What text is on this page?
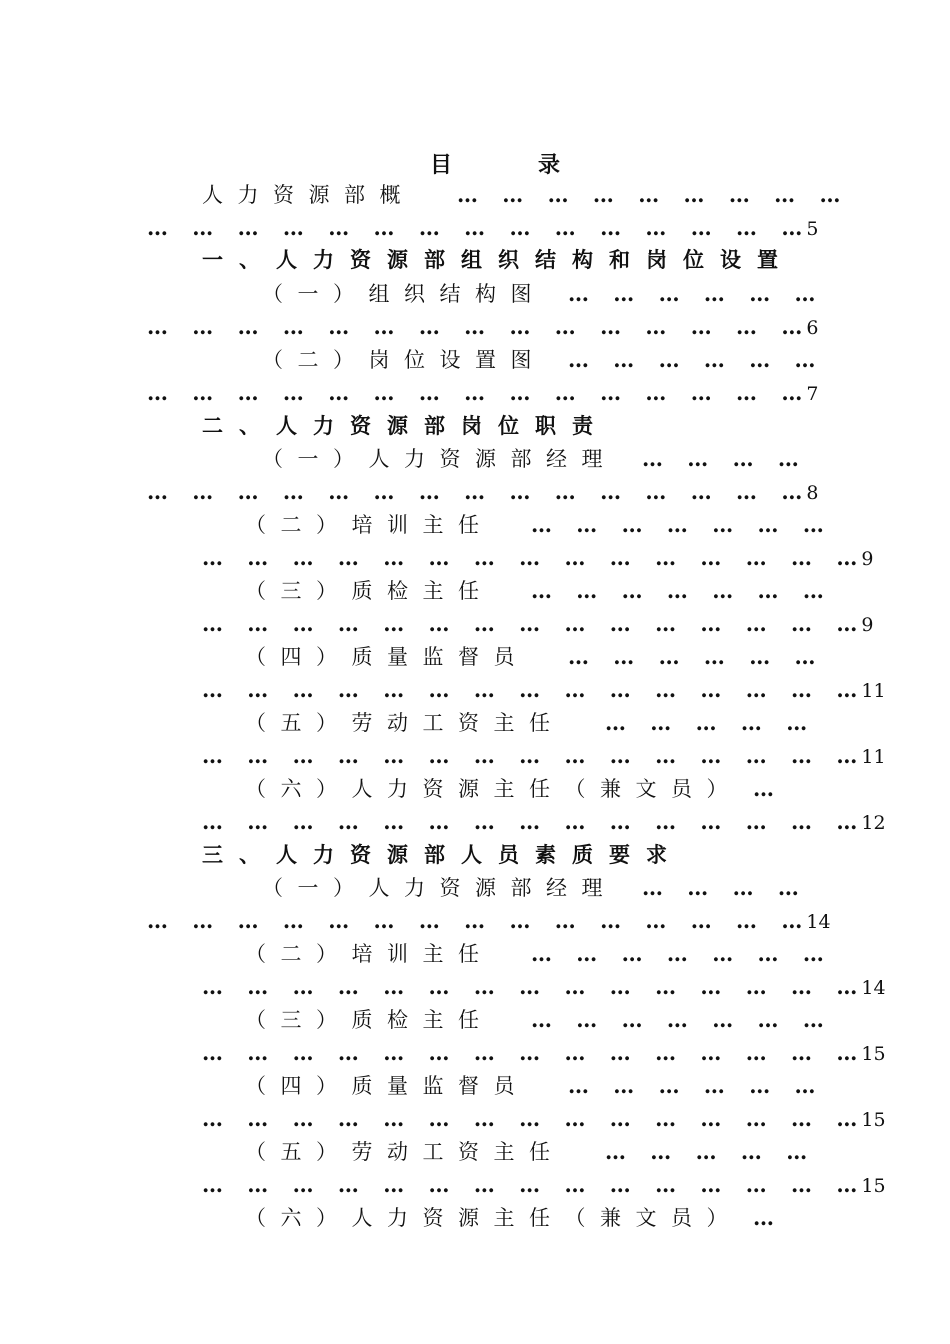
目	录
人力资源部概 … … … … … … … … …
… … … … … … … … … … … … … … … 5
一、人力资源部组织结构和岗位设置
（一）组织结构图 … … … … … …
… … … … … … … … … … … … … … … 6
（二）岗位设置图 … … … … … …
… … … … … … … … … … … … … … … 7
二、人力资源部岗位职责
（一）人力资源部经理 … … … …
… … … … … … … … … … … … … … … 8
（二）培训主任 … … … … … … …
… … … … … … … … … … … … … … … 9
（三）质检主任 … … … … … … …
… … … … … … … … … … … … … … … 9
（四）质量监督员 … … … … … …
… … … … … … … … … … … … … … … 11
（五）劳动工资主任 … … … … …
… … … … … … … … … … … … … … … 11
（六）人力资源主任（兼文员） …
… … … … … … … … … … … … … … … 12
三、人力资源部人员素质要求
（一）人力资源部经理 … … … …
… … … … … … … … … … … … … … … 14
（二）培训主任 … … … … … … …
… … … … … … … … … … … … … … … 14
（三）质检主任 … … … … … … …
… … … … … … … … … … … … … … … 15
（四）质量监督员 … … … … … …
… … … … … … … … … … … … … … … 15
（五）劳动工资主任 … … … … …
… … … … … … … … … … … … … … … 15
（六）人力资源主任（兼文员） …
